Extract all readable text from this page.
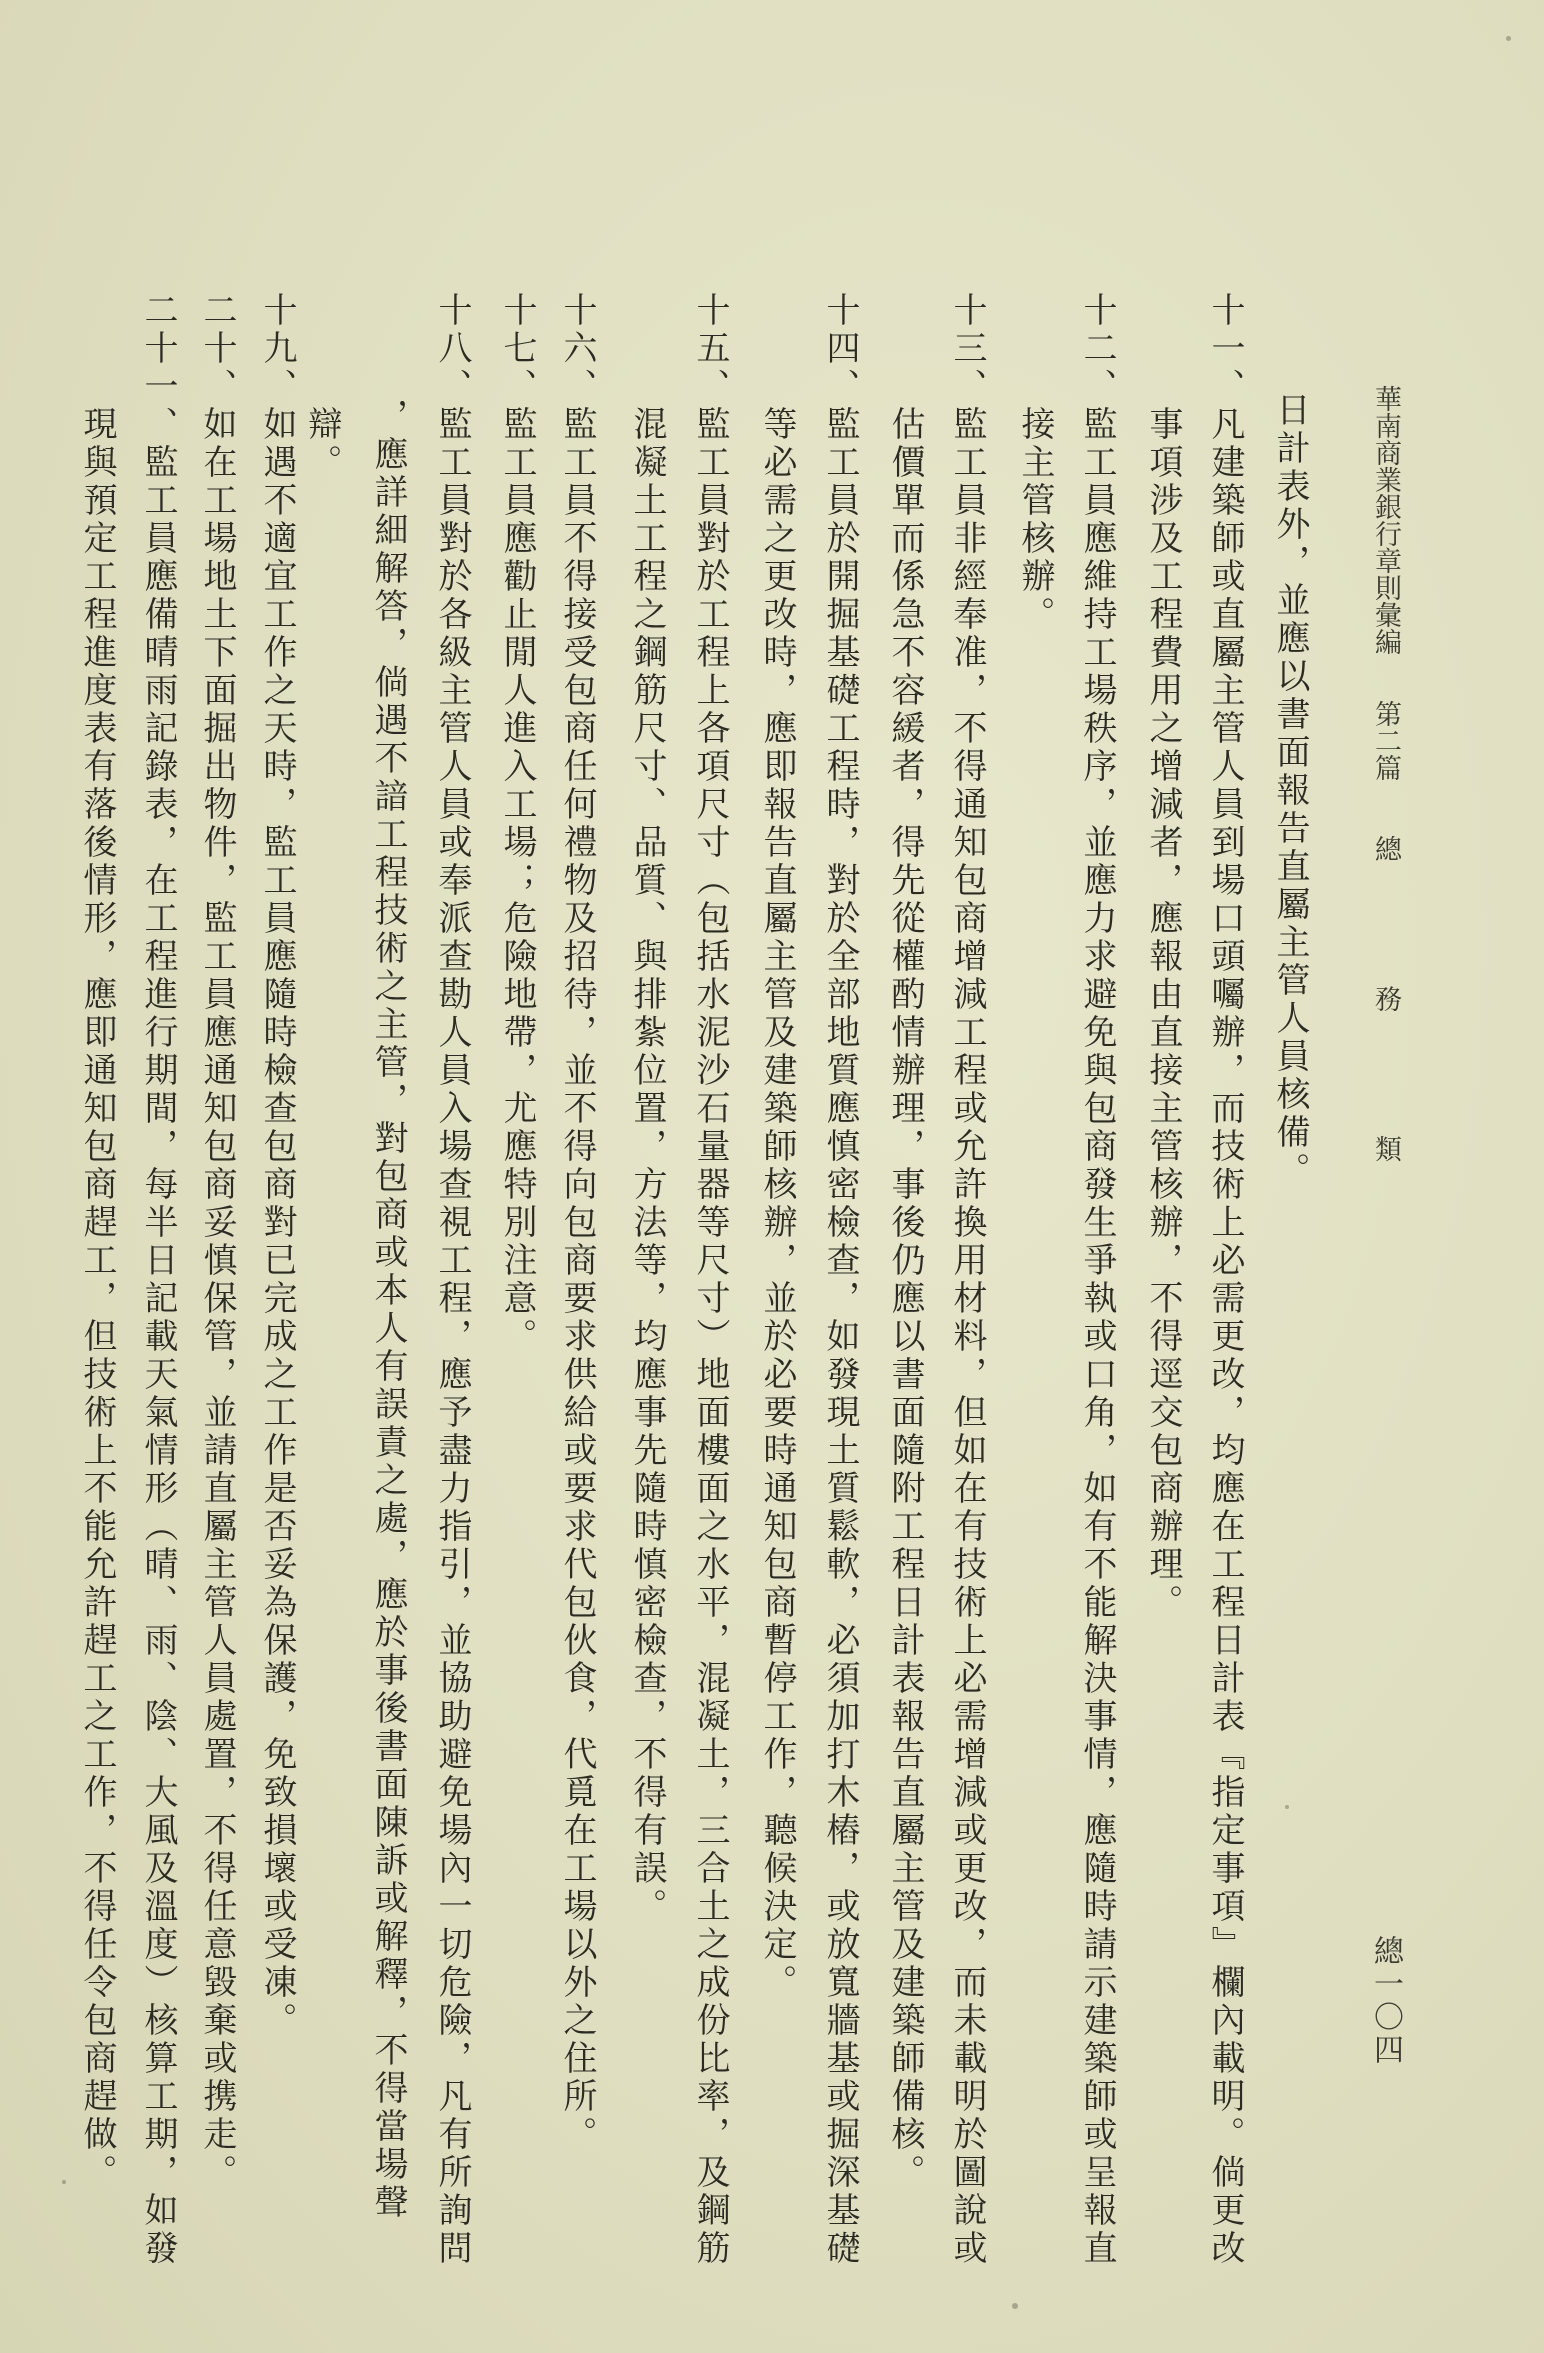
華南商業銀行章則彙編
第二篇
總
務
類
總一〇四
日計表外，並應以書面報告直屬主管人員核備。
十一、凡建築師或直屬主管人員到場口頭囑辦，而技術上必需更改，均應在工程日計表『指定事項』欄內載明。倘更改
事項涉及工程費用之增減者，應報由直接主管核辦，不得逕交包商辦理。
十二、監工員應維持工場秩序，並應力求避免與包商發生爭執或口角，如有不能解決事情，應隨時請示建築師或呈報直
接主管核辦。
十三、監工員非經奉准，不得通知包商增減工程或允許換用材料，但如在有技術上必需增減或更改，而未載明於圖說或
估價單而係急不容緩者，得先從權酌情辦理，事後仍應以書面隨附工程日計表報告直屬主管及建築師備核。
十四、監工員於開掘基礎工程時，對於全部地質應慎密檢查，如發現土質鬆軟，必須加打木樁，或放寬牆基或掘深基礎
等必需之更改時，應即報告直屬主管及建築師核辦，並於必要時通知包商暫停工作，聽候決定。
十五、監工員對於工程上各項尺寸（包括水泥沙石量器等尺寸）地面樓面之水平，混凝土，三合土之成份比率，及鋼筋
混凝土工程之鋼筋尺寸、品質、與排紮位置，方法等，均應事先隨時慎密檢查，不得有誤。
十六、監工員不得接受包商任何禮物及招待，並不得向包商要求供給或要求代包伙食，代覓在工場以外之住所。
十七、監工員應勸止閒人進入工場；危險地帶，尤應特別注意。
十八、監工員對於各級主管人員或奉派查勘人員入場查視工程，應予盡力指引，並協助避免場內一切危險，凡有所詢問
，應詳細解答，倘遇不諳工程技術之主管，對包商或本人有誤責之處，應於事後書面陳訴或解釋，不得當場聲
辯。
十九、如遇不適宜工作之天時，監工員應隨時檢查包商對已完成之工作是否妥為保護，免致損壞或受凍。
二十、如在工場地土下面掘出物件，監工員應通知包商妥慎保管，並請直屬主管人員處置，不得任意毀棄或携走。
二十一、監工員應備晴雨記錄表，在工程進行期間，每半日記載天氣情形（晴、雨、陰、大風及溫度）核算工期，如發
現與預定工程進度表有落後情形，應即通知包商趕工，但技術上不能允許趕工之工作，不得任令包商趕做。
